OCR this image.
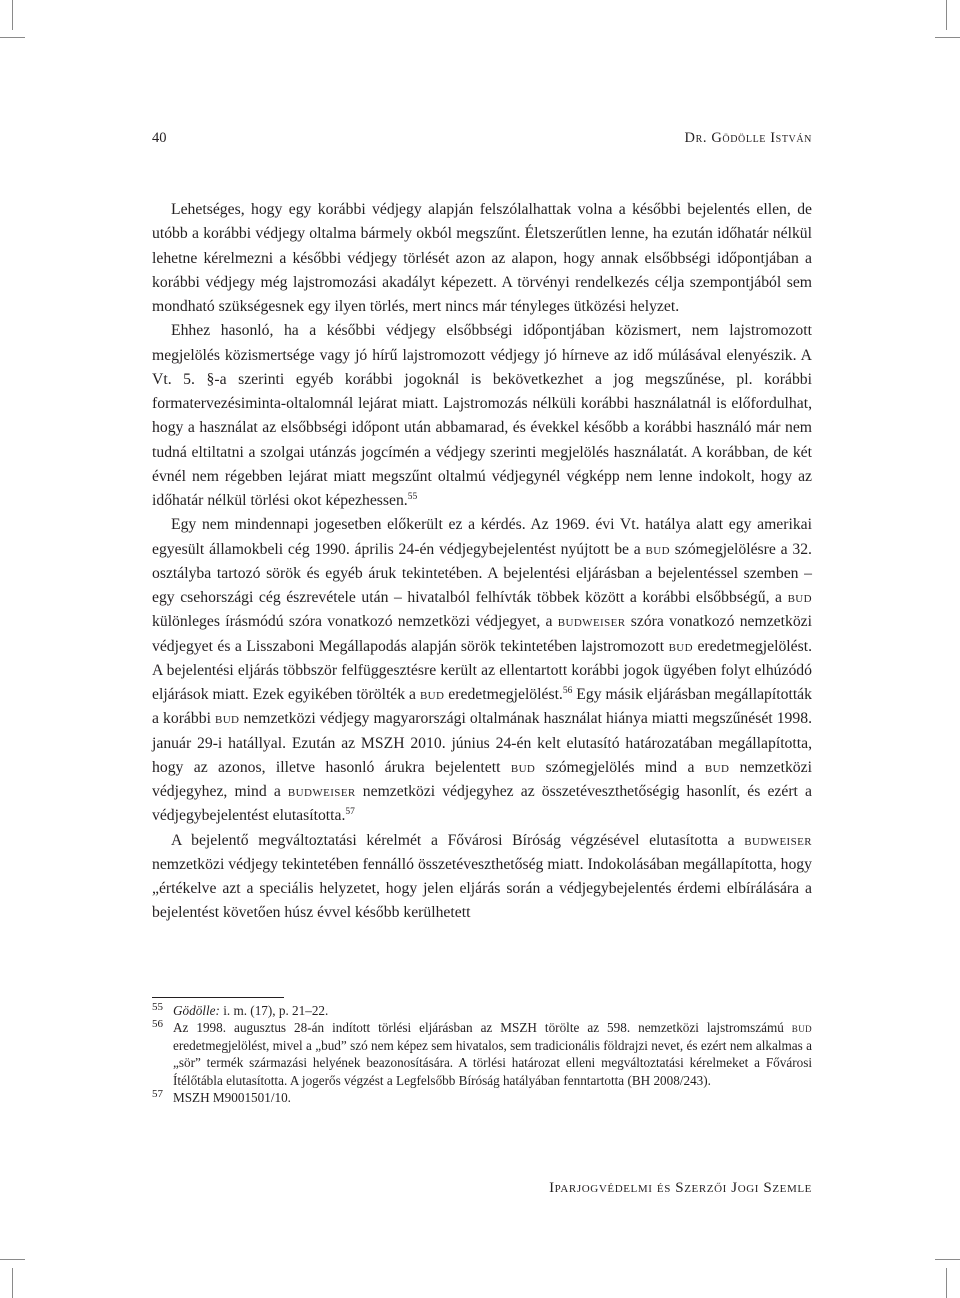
40	Dr. Gödölle István

Lehetséges, hogy egy korábbi védjegy alapján felszólalhattak volna a későbbi bejelentés ellen, de utóbb a korábbi védjegy oltalma bármely okból megszűnt. Életszerűtlen lenne, ha ezután időhatár nélkül lehetne kérelmezni a későbbi védjegy törlését azon az alapon, hogy annak elsőbbségi időpontjában a korábbi védjegy még lajstromozási akadályt képezett. A törvényi rendelkezés célja szempontjából sem mondható szükségesnek egy ilyen törlés, mert nincs már tényleges ütközési helyzet.

Ehhez hasonló, ha a későbbi védjegy elsőbbségi időpontjában közismert, nem lajstromozott megjelölés közismertsége vagy jó hírű lajstromozott védjegy jó hírneve az idő múlásával elenyészik. A Vt. 5. §-a szerinti egyéb korábbi jogoknál is bekövetkezhet a jog megszűnése, pl. korábbi formatervezésiminta-oltalomnál lejárat miatt. Lajstromozás nélküli korábbi használatnál is előfordulhat, hogy a használat az elsőbbségi időpont után abbamarad, és évekkel később a korábbi használó már nem tudná eltiltatni a szolgai utánzás jogcímén a védjegy szerinti megjelölés használatát. A korábban, de két évnél nem régebben lejárat miatt megszűnt oltalmú védjegynél végképp nem lenne indokolt, hogy az időhatár nélkül törlési okot képezhessen.$^{55}$

Egy nem mindennapi jogesetben előkerült ez a kérdés. Az 1969. évi Vt. hatálya alatt egy amerikai egyesült államokbeli cég 1990. április 24-én védjegybejelentést nyújtott be a bud szómegjelölésre a 32. osztályba tartozó sörök és egyéb áruk tekintetében. A bejelentési eljárásban a bejelentéssel szemben – egy csehországi cég észrevétele után – hivatalból felhívták többek között a korábbi elsőbbségű, a bud különleges írásmódú szóra vonatkozó nemzetközi védjegyet, a budweiser szóra vonatkozó nemzetközi védjegyet és a Lisszaboni Megállapodás alapján sörök tekintetében lajstromozott bud eredetmegjelölést. A bejelentési eljárás többször felfüggesztésre került az ellentartott korábbi jogok ügyében folyt elhúzódó eljárások miatt. Ezek egyikében törölték a bud eredetmegjelölést.$^{56}$ Egy másik eljárásban megállapították a korábbi bud nemzetközi védjegy magyarországi oltalmának használat hiánya miatti megszűnését 1998. január 29-i hatállyal. Ezután az MSZH 2010. június 24-én kelt elutasító határozatában megállapította, hogy az azonos, illetve hasonló árukra bejelentett bud szómegjelölés mind a bud nemzetközi védjegyhez, mind a budweiser nemzetközi védjegyhez az összetéveszthetőségig hasonlít, és ezért a védjegybejelentést elutasította.$^{57}$

A bejelentő megváltoztatási kérelmét a Fővárosi Bíróság végzésével elutasította a budweiser nemzetközi védjegy tekintetében fennálló összetéveszthetőség miatt. Indokolásában megállapította, hogy „értékelve azt a speciális helyzetet, hogy jelen eljárás során a védjegybejelentés érdemi elbírálására a bejelentést követően húsz évvel később kerülhetett

55 Gödölle: i. m. (17), p. 21–22.
56 Az 1998. augusztus 28-án indított törlési eljárásban az MSZH törölte az 598. nemzetközi lajstromszámú bud eredetmegjelölést, mivel a „bud” szó nem képez sem hivatalos, sem tradicionális földrajzi nevet, és ezért nem alkalmas a „sör” termék származási helyének beazonosítására. A törlési határozat elleni megváltoztatási kérelmeket a Fővárosi Ítélőtábla elutasította. A jogerős végzést a Legfelsőbb Bíróság hatályában fenntartotta (BH 2008/243).
57 MSZH M9001501/10.
Iparjogvédelmi és Szerzői Jogi Szemle
